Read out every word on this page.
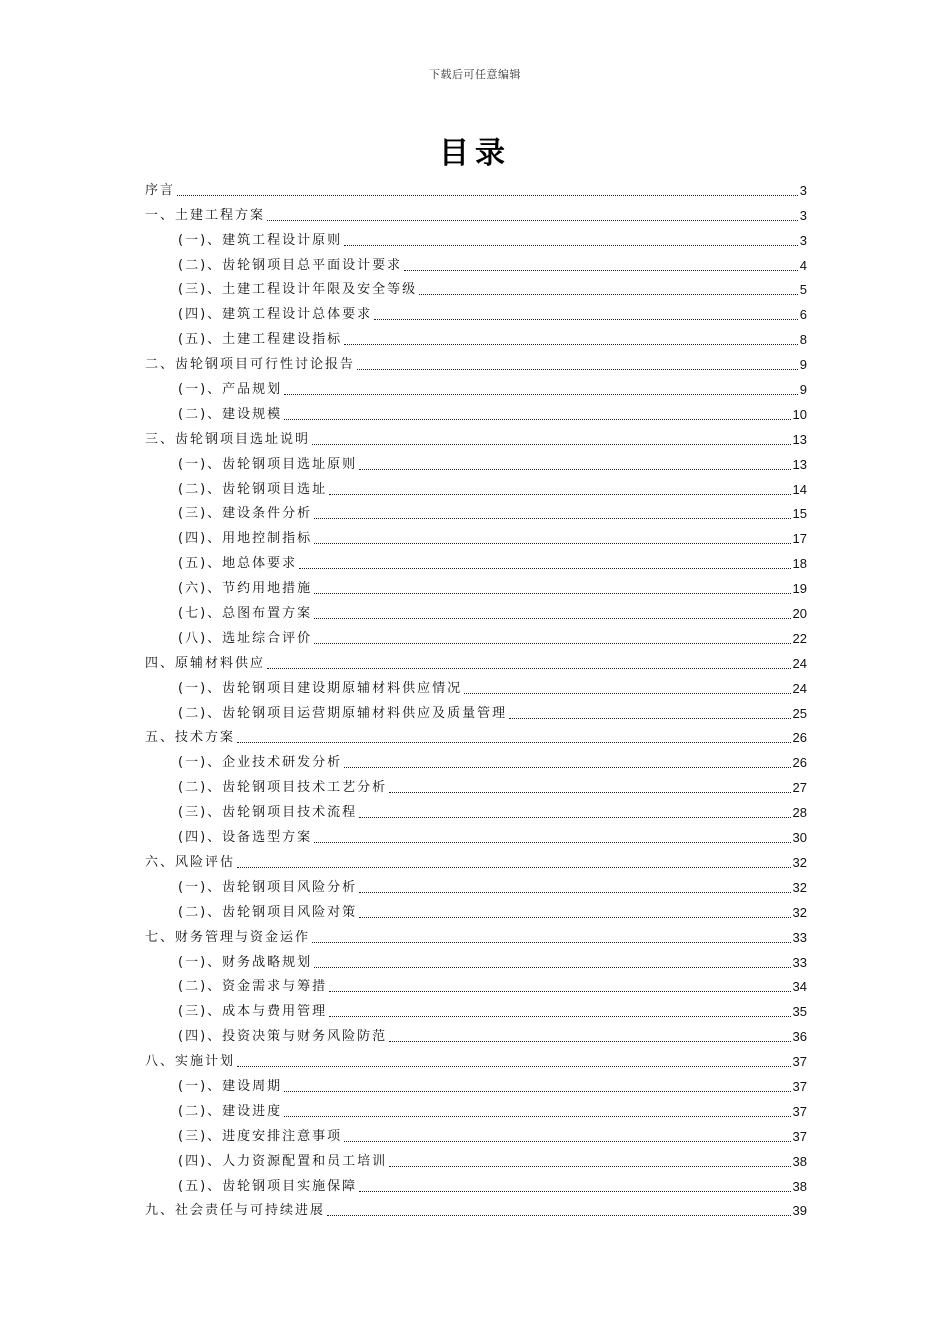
下载后可任意编辑
目录
序言	3
一、土建工程方案	3
(一)、建筑工程设计原则	3
(二)、齿轮钢项目总平面设计要求	4
(三)、土建工程设计年限及安全等级	5
(四)、建筑工程设计总体要求	6
(五)、土建工程建设指标	8
二、齿轮钢项目可行性讨论报告	9
(一)、产品规划	9
(二)、建设规模	10
三、齿轮钢项目选址说明	13
(一)、齿轮钢项目选址原则	13
(二)、齿轮钢项目选址	14
(三)、建设条件分析	15
(四)、用地控制指标	17
(五)、地总体要求	18
(六)、节约用地措施	19
(七)、总图布置方案	20
(八)、选址综合评价	22
四、原辅材料供应	24
(一)、齿轮钢项目建设期原辅材料供应情况	24
(二)、齿轮钢项目运营期原辅材料供应及质量管理	25
五、技术方案	26
(一)、企业技术研发分析	26
(二)、齿轮钢项目技术工艺分析	27
(三)、齿轮钢项目技术流程	28
(四)、设备选型方案	30
六、风险评估	32
(一)、齿轮钢项目风险分析	32
(二)、齿轮钢项目风险对策	32
七、财务管理与资金运作	33
(一)、财务战略规划	33
(二)、资金需求与筹措	34
(三)、成本与费用管理	35
(四)、投资决策与财务风险防范	36
八、实施计划	37
(一)、建设周期	37
(二)、建设进度	37
(三)、进度安排注意事项	37
(四)、人力资源配置和员工培训	38
(五)、齿轮钢项目实施保障	38
九、社会责任与可持续进展	39
